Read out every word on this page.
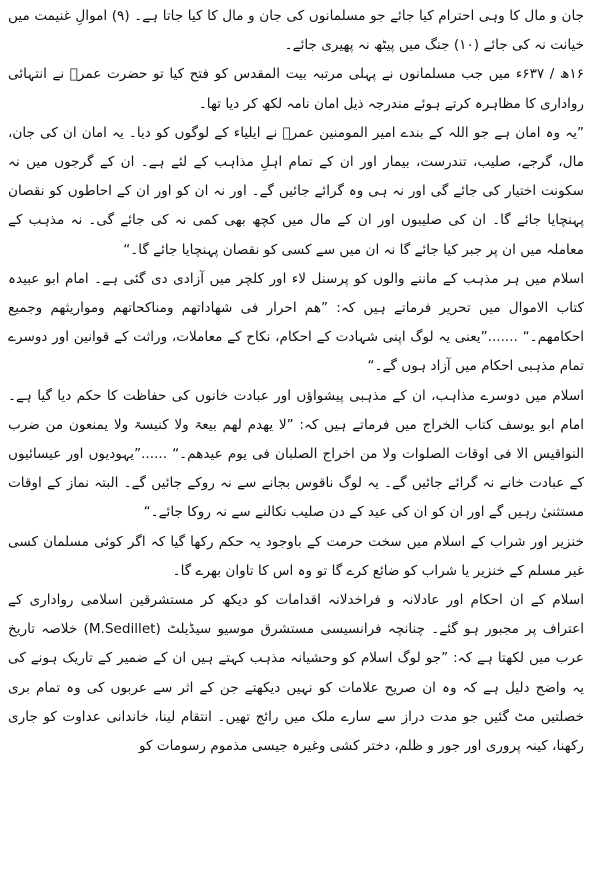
جان و مال کا وہی احترام کیا جائے جو مسلمانوں کی جان و مال کا کیا جاتا ہے۔ (۹) اموالِ غنیمت میں خیانت نہ کی جائے (۱۰) جنگ میں پیٹھ نہ پھیری جائے۔

۱۶ھ / ۶۳۷ء میں جب مسلمانوں نے پہلی مرتبہ بیت المقدس کو فتح کیا تو حضرت عمرؓ نے انتہائی رواداری کا مظاہرہ کرتے ہوئے مندرجہ ذیل امان نامہ لکھ کر دیا تھا۔

”یہ وہ امان ہے جو اللہ کے بندے امیر المومنین عمرؓ نے ایلیاء کے لوگوں کو دیا۔ یہ امان ان کی جان، مال، گرجے، صلیب، تندرست، بیمار اور ان کے تمام اہلِ مذاہب کے لئے ہے۔ ان کے گرجوں میں نہ سکونت اختیار کی جائے گی اور نہ ہی وہ گرائے جائیں گے۔ اور نہ ان کو اور ان کے احاطوں کو نقصان پہنچایا جائے گا۔ ان کی صلیبوں اور ان کے مال میں کچھ بھی کمی نہ کی جائے گی۔ نہ مذہب کے معاملہ میں ان پر جبر کیا جائے گا نہ ان میں سے کسی کو نقصان پہنچایا جائے گا۔“

اسلام میں ہر مذہب کے ماننے والوں کو پرسنل لاء اور کلچر میں آزادی دی گئی ہے۔ امام ابو عبیدہ کتاب الاموال میں تحریر فرماتے ہیں کہ: ”ھم احرار فی شھاداتھم ومناکحاتھم ومواریثھم وجمیع احکامھم۔“ .......”یعنی یہ لوگ اپنی شہادت کے احکام، نکاح کے معاملات، وراثت کے قوانین اور دوسرے تمام مذہبی احکام میں آزاد ہوں گے۔“

اسلام میں دوسرے مذاہب، ان کے مذہبی پیشواؤں اور عبادت خانوں کی حفاظت کا حکم دیا گیا ہے۔ امام ابو یوسف کتاب الخراج میں فرماتے ہیں کہ: ”لا یھدم لھم بیعۃ ولا کنیسۃ ولا یمنعون من ضرب النواقیس الا فی اوقات الصلوات ولا من اخراج الصلبان فی یوم عیدھم۔“ ......”یہودیوں اور عیسائیوں کے عبادت خانے نہ گرائے جائیں گے۔ یہ لوگ ناقوس بجانے سے نہ روکے جائیں گے۔ البتہ نماز کے اوقات مستثنیٰ رہیں گے اور ان کو ان کی عید کے دن صلیب نکالنے سے نہ روکا جائے۔“

خنزیر اور شراب کے اسلام میں سخت حرمت کے باوجود یہ حکم رکھا گیا کہ اگر کوئی مسلمان کسی غیر مسلم کے خنزیر یا شراب کو ضائع کرے گا تو وہ اس کا تاوان بھرے گا۔

اسلام کے ان احکام اور عادلانہ و فراخدلانہ اقدامات کو دیکھ کر مستشرقین اسلامی رواداری کے اعتراف پر مجبور ہو گئے۔ چنانچہ فرانسیسی مستشرق موسیو سیڈیلٹ (M.Sedillet) خلاصہ تاریخ عرب میں لکھتا ہے کہ: ”جو لوگ اسلام کو وحشیانہ مذہب کہتے ہیں ان کے ضمیر کے تاریک ہونے کی یہ واضح دلیل ہے کہ وہ ان صریح علامات کو نہیں دیکھتے جن کے اثر سے عربوں کی وہ تمام بری خصلتیں مٹ گئیں جو مدت دراز سے سارے ملک میں رائج تھیں۔ انتقام لینا، خاندانی عداوت کو جاری رکھنا، کینہ پروری اور جور و ظلم، دختر کشی وغیرہ جیسی مذموم رسومات کو
